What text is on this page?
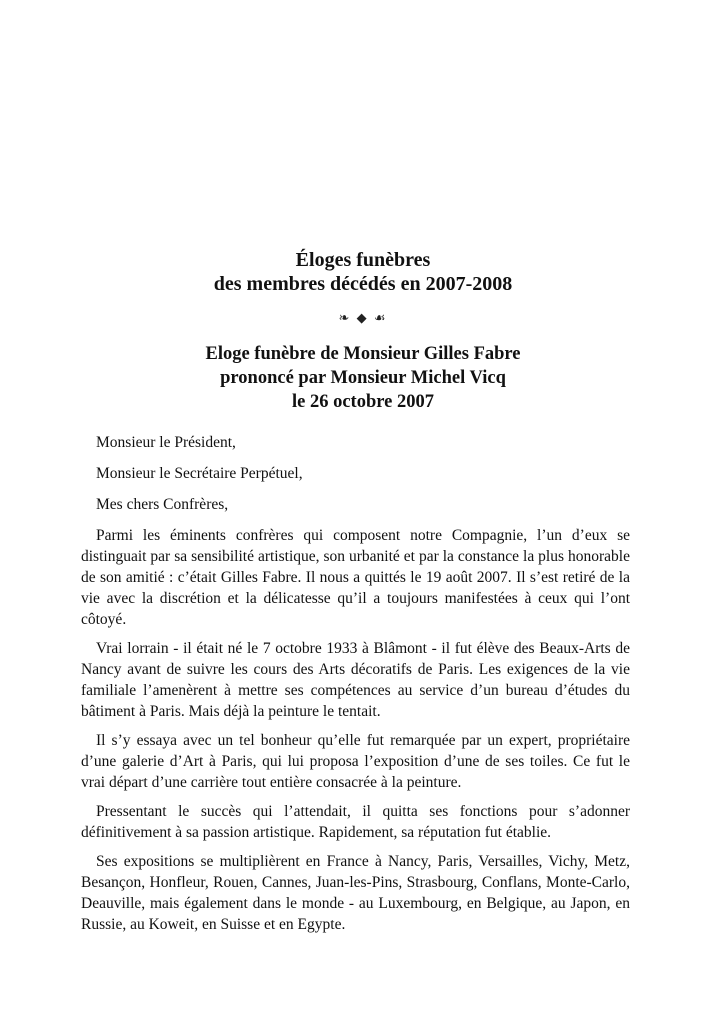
Éloges funèbres
des membres décédés en 2007-2008
❧ ◆ ☙
Eloge funèbre de Monsieur Gilles Fabre
prononcé par Monsieur Michel Vicq
le 26 octobre 2007

Monsieur le Président,

Monsieur le Secrétaire Perpétuel,

Mes chers Confrères,

Parmi les éminents confrères qui composent notre Compagnie, l’un d’eux se distinguait par sa sensibilité artistique, son urbanité et par la constance la plus honorable de son amitié : c’était Gilles Fabre. Il nous a quittés le 19 août 2007. Il s’est retiré de la vie avec la discrétion et la délicatesse qu’il a toujours manifestées à ceux qui l’ont côtoyé.

Vrai lorrain - il était né le 7 octobre 1933 à Blâmont - il fut élève des Beaux-Arts de Nancy avant de suivre les cours des Arts décoratifs de Paris. Les exigences de la vie familiale l’amenèrent à mettre ses compétences au service d’un bureau d’études du bâtiment à Paris. Mais déjà la peinture le tentait.

Il s’y essaya avec un tel bonheur qu’elle fut remarquée par un expert, propriétaire d’une galerie d’Art à Paris, qui lui proposa l’exposition d’une de ses toiles. Ce fut le vrai départ d’une carrière tout entière consacrée à la peinture.

Pressentant le succès qui l’attendait, il quitta ses fonctions pour s’adonner définitivement à sa passion artistique. Rapidement, sa réputation fut établie.

Ses expositions se multiplièrent en France à Nancy, Paris, Versailles, Vichy, Metz, Besançon, Honfleur, Rouen, Cannes, Juan-les-Pins, Strasbourg, Conflans, Monte-Carlo, Deauville, mais également dans le monde - au Luxembourg, en Belgique, au Japon, en Russie, au Koweit, en Suisse et en Egypte.
